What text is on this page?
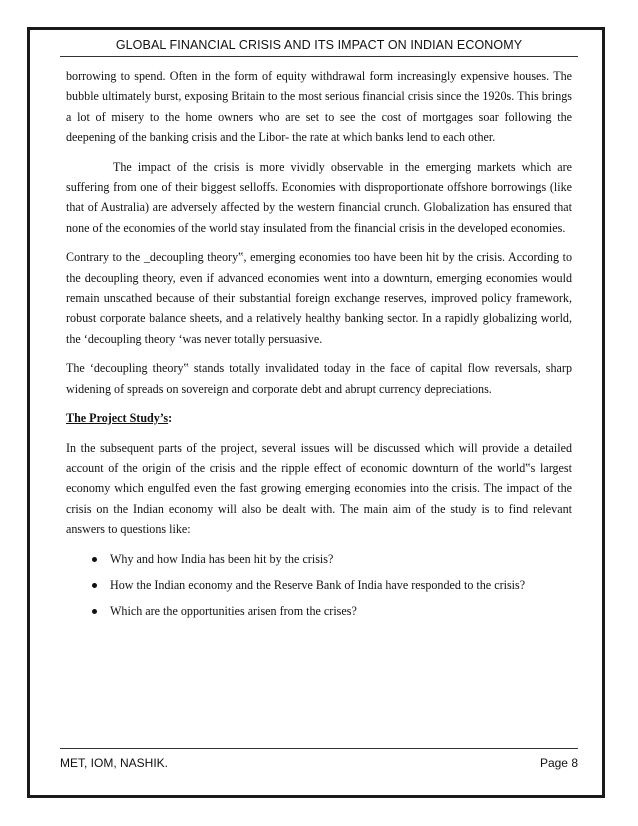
GLOBAL FINANCIAL CRISIS AND ITS IMPACT ON INDIAN ECONOMY

borrowing to spend. Often in the form of equity withdrawal form increasingly expensive houses. The bubble ultimately burst, exposing Britain to the most serious financial crisis since the 1920s. This brings a lot of misery to the home owners who are set to see the cost of mortgages soar following the deepening of the banking crisis and the Libor- the rate at which banks lend to each other.

The impact of the crisis is more vividly observable in the emerging markets which are suffering from one of their biggest selloffs. Economies with disproportionate offshore borrowings (like that of Australia) are adversely affected by the western financial crunch. Globalization has ensured that none of the economies of the world stay insulated from the financial crisis in the developed economies.

Contrary to the _decoupling theory‟, emerging economies too have been hit by the crisis. According to the decoupling theory, even if advanced economies went into a downturn, emerging economies would remain unscathed because of their substantial foreign exchange reserves, improved policy framework, robust corporate balance sheets, and a relatively healthy banking sector. In a rapidly globalizing world, the ‘decoupling theory ‘was never totally persuasive.

The ‘decoupling theory‟ stands totally invalidated today in the face of capital flow reversals, sharp widening of spreads on sovereign and corporate debt and abrupt currency depreciations.

The Project Study’s:

In the subsequent parts of the project, several issues will be discussed which will provide a detailed account of the origin of the crisis and the ripple effect of economic downturn of the world‟s largest economy which engulfed even the fast growing emerging economies into the crisis. The impact of the crisis on the Indian economy will also be dealt with. The main aim of the study is to find relevant answers to questions like:

Why and how India has been hit by the crisis?
How the Indian economy and the Reserve Bank of India have responded to the crisis?
Which are the opportunities arisen from the crises?
MET, IOM, NASHIK.	Page 8
